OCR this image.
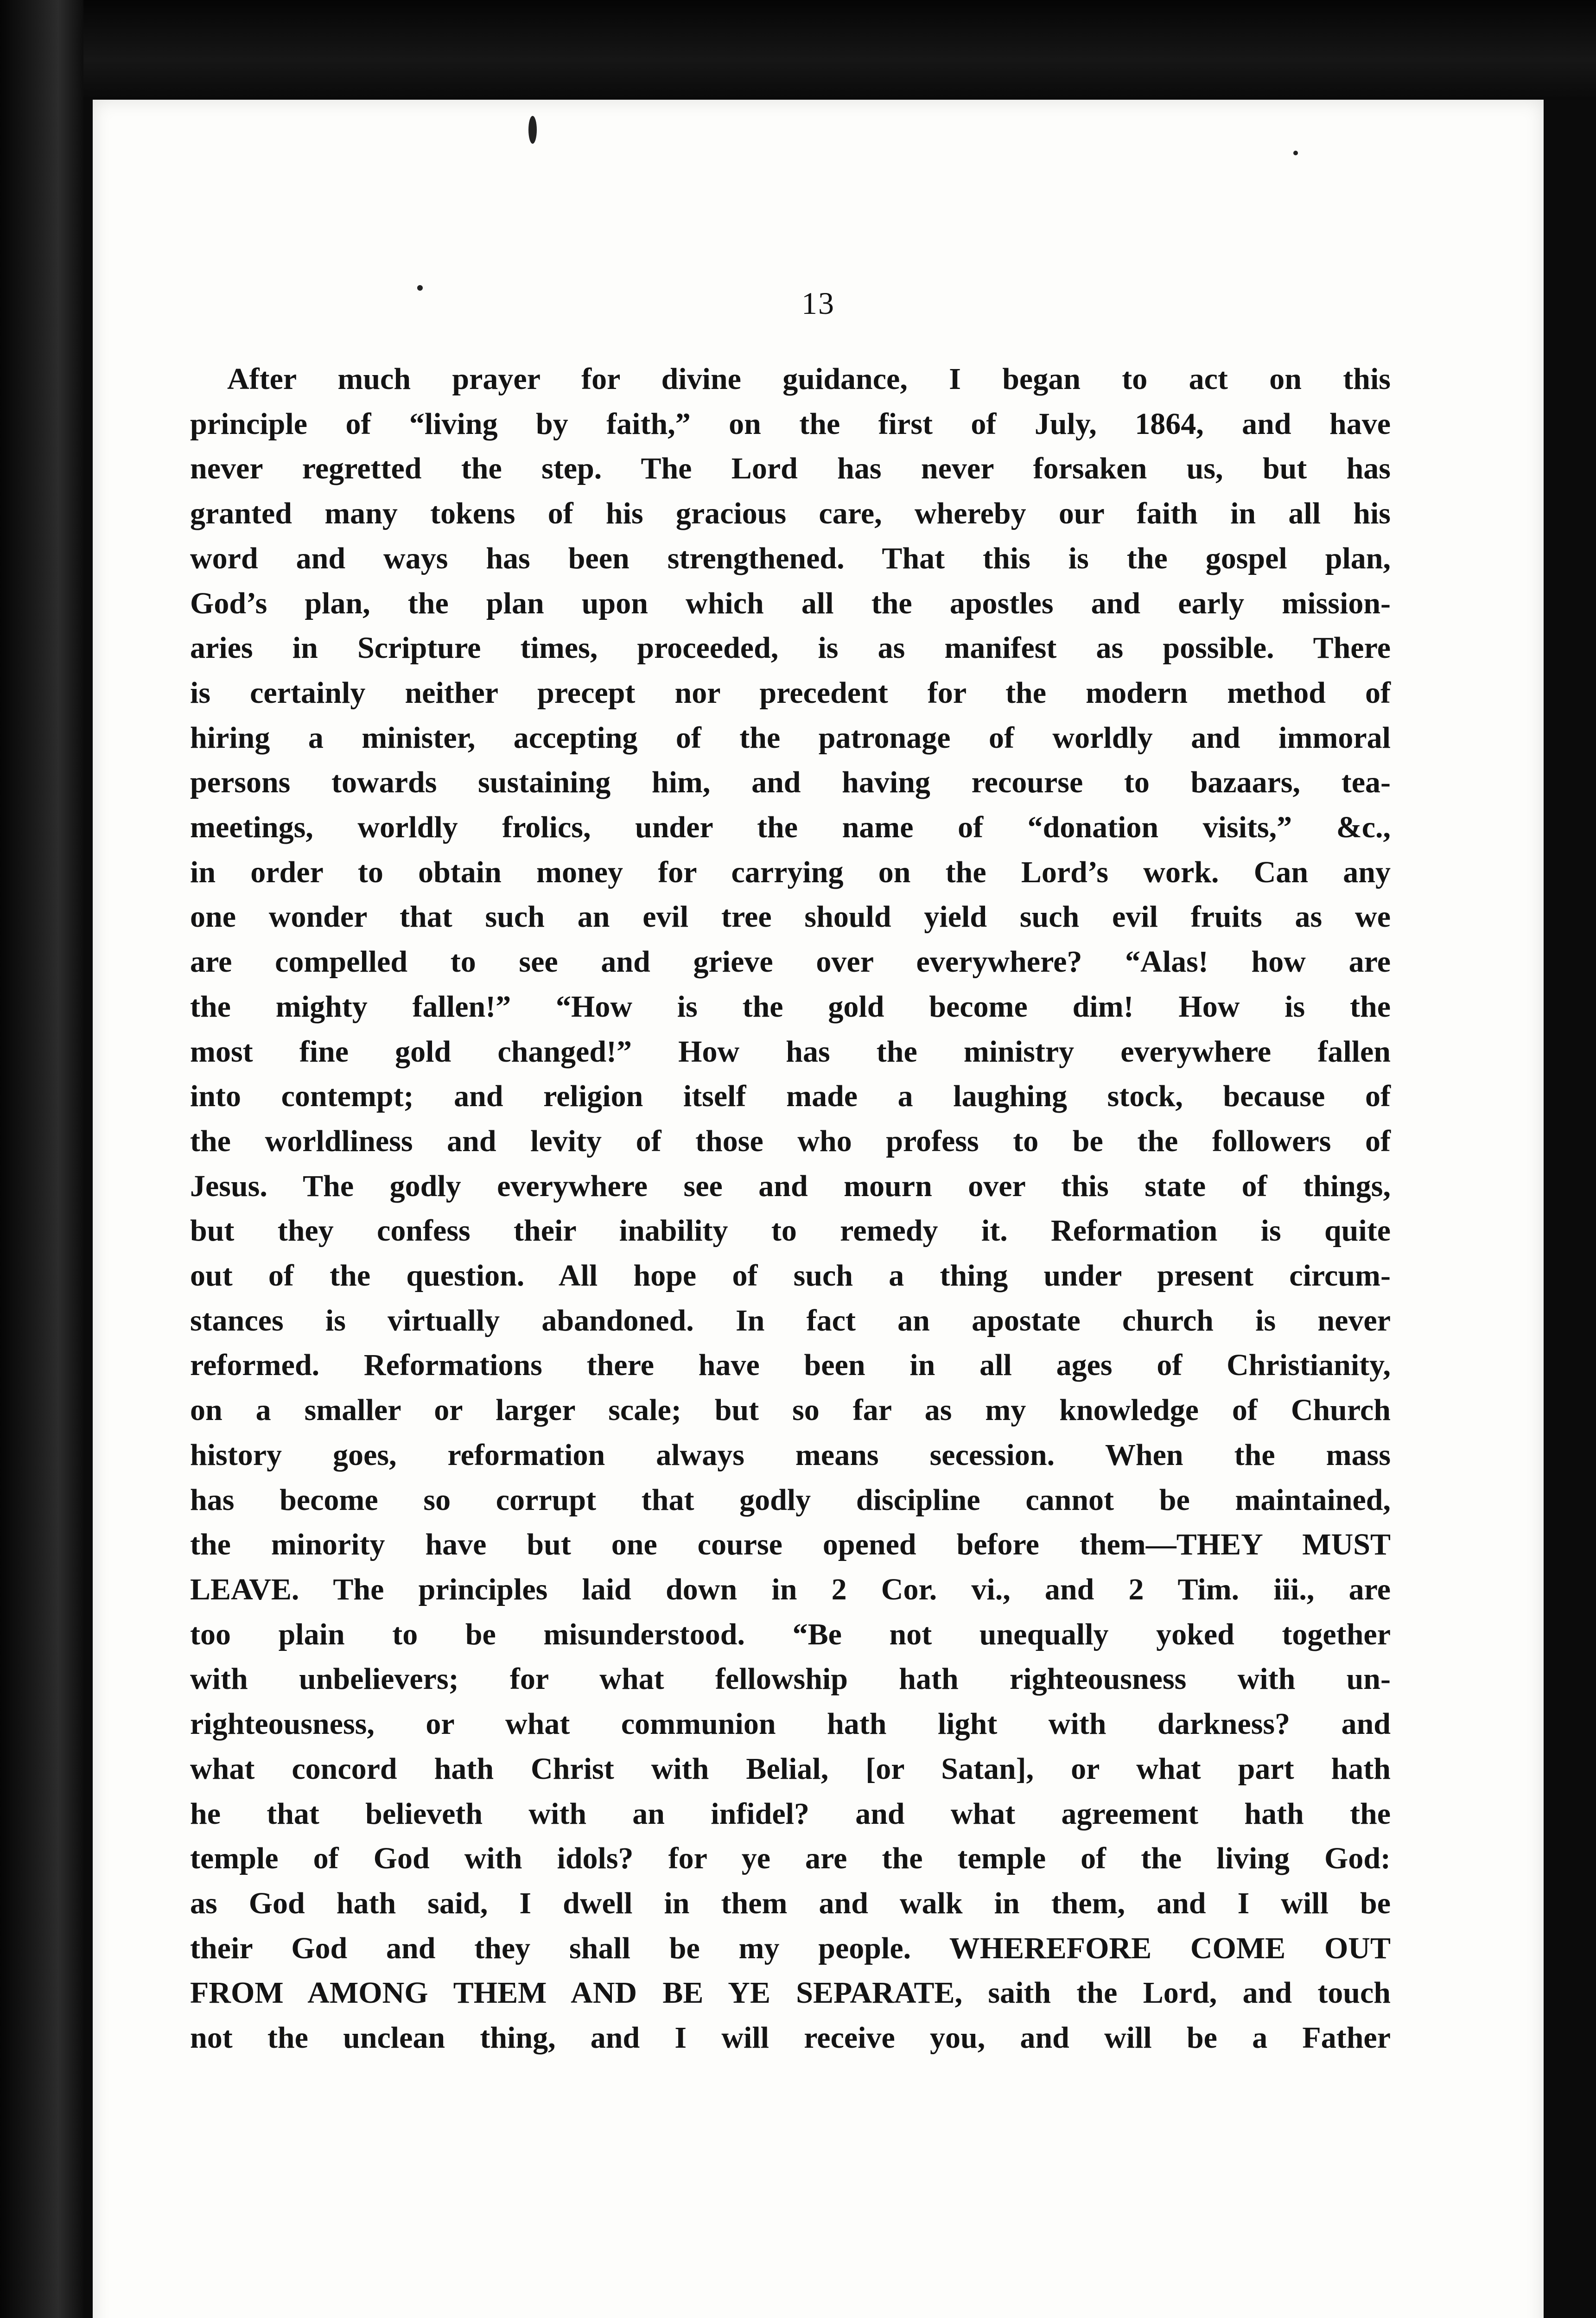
13
After much prayer for divine guidance, I began to act on this
principle of “living by faith,” on the first of July, 1864, and have
never regretted the step. The Lord has never forsaken us, but has
granted many tokens of his gracious care, whereby our faith in all his
word and ways has been strengthened. That this is the gospel plan,
God’s plan, the plan upon which all the apostles and early mission-
aries in Scripture times, proceeded, is as manifest as possible. There
is certainly neither precept nor precedent for the modern method of
hiring a minister, accepting of the patronage of worldly and immoral
persons towards sustaining him, and having recourse to bazaars, tea-
meetings, worldly frolics, under the name of “donation visits,” &c.,
in order to obtain money for carrying on the Lord’s work. Can any
one wonder that such an evil tree should yield such evil fruits as we
are compelled to see and grieve over everywhere? “Alas! how are
the mighty fallen!” “How is the gold become dim! How is the
most fine gold changed!” How has the ministry everywhere fallen
into contempt; and religion itself made a laughing stock, because of
the worldliness and levity of those who profess to be the followers of
Jesus. The godly everywhere see and mourn over this state of things,
but they confess their inability to remedy it. Reformation is quite
out of the question. All hope of such a thing under present circum-
stances is virtually abandoned. In fact an apostate church is never
reformed. Reformations there have been in all ages of Christianity,
on a smaller or larger scale; but so far as my knowledge of Church
history goes, reformation always means secession. When the mass
has become so corrupt that godly discipline cannot be maintained,
the minority have but one course opened before them—THEY MUST
LEAVE. The principles laid down in 2 Cor. vi., and 2 Tim. iii., are
too plain to be misunderstood. “Be not unequally yoked together
with unbelievers; for what fellowship hath righteousness with un-
righteousness, or what communion hath light with darkness? and
what concord hath Christ with Belial, [or Satan], or what part hath
he that believeth with an infidel? and what agreement hath the
temple of God with idols? for ye are the temple of the living God:
as God hath said, I dwell in them and walk in them, and I will be
their God and they shall be my people. WHEREFORE COME OUT
FROM AMONG THEM AND BE YE SEPARATE, saith the Lord, and touch
not the unclean thing, and I will receive you, and will be a Father
